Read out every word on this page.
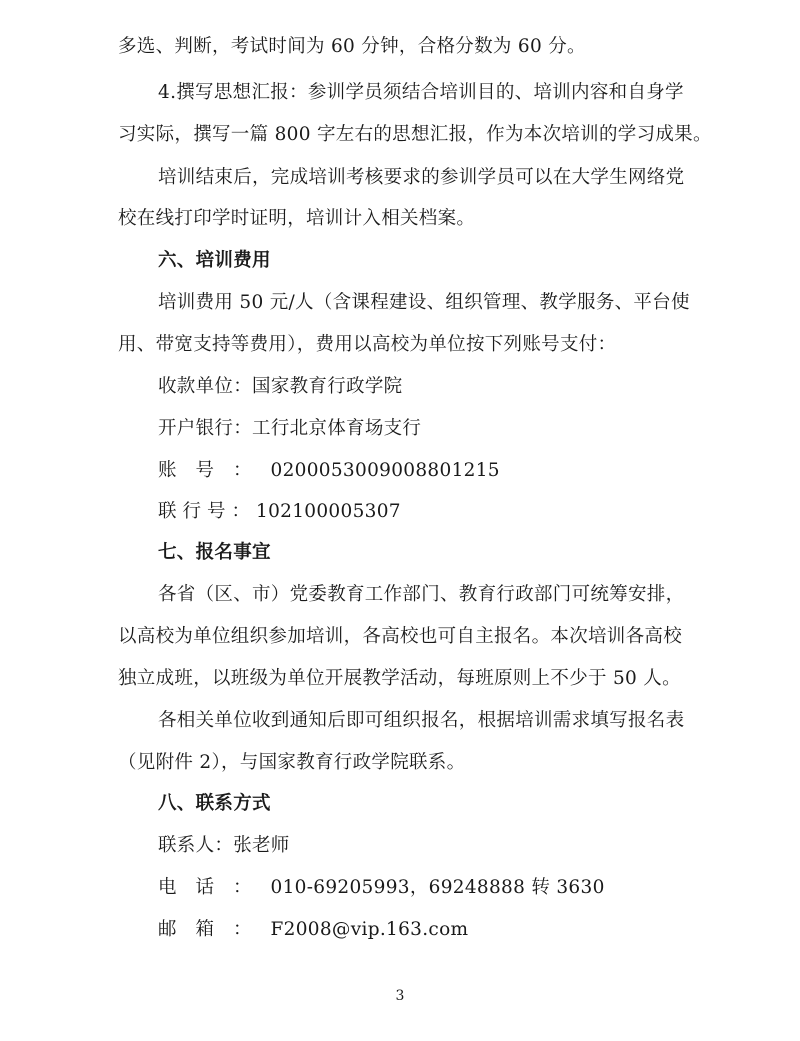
多选、判断，考试时间为 60 分钟，合格分数为 60 分。
4.撰写思想汇报：参训学员须结合培训目的、培训内容和自身学
习实际，撰写一篇 800 字左右的思想汇报，作为本次培训的学习成果。
培训结束后，完成培训考核要求的参训学员可以在大学生网络党
校在线打印学时证明，培训计入相关档案。
六、培训费用
培训费用 50 元/人（含课程建设、组织管理、教学服务、平台使
用、带宽支持等费用），费用以高校为单位按下列账号支付：
收款单位：国家教育行政学院
开户银行：工行北京体育场支行
账号：0200053009008801215
联行号：102100005307
七、报名事宜
各省（区、市）党委教育工作部门、教育行政部门可统筹安排，
以高校为单位组织参加培训，各高校也可自主报名。本次培训各高校
独立成班，以班级为单位开展教学活动，每班原则上不少于 50 人。
各相关单位收到通知后即可组织报名，根据培训需求填写报名表
（见附件 2），与国家教育行政学院联系。
八、联系方式
联系人：张老师
电话：010-69205993，69248888 转 3630
邮箱：F2008@vip.163.com
3
